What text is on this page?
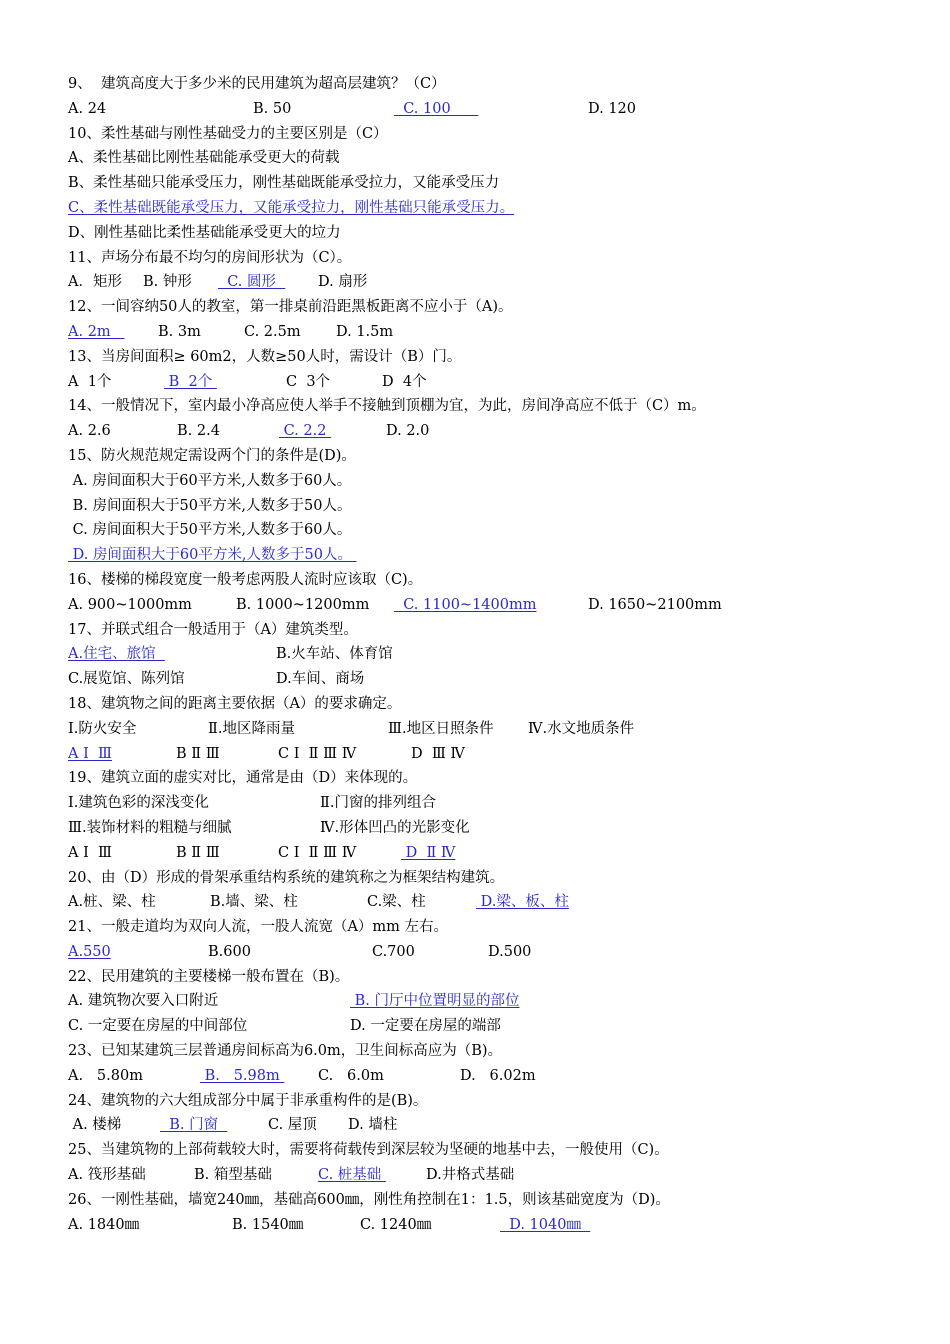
9、  建筑高度大于多少米的民用建筑为超高层建筑？（C）
A. 24	B. 50	C. 100	D. 120
10、柔性基础与刚性基础受力的主要区别是（C）
A、柔性基础比刚性基础能承受更大的荷载
B、柔性基础只能承受压力，刚性基础既能承受拉力，又能承受压力
C、柔性基础既能承受压力，又能承受拉力，刚性基础只能承受压力。
D、刚性基础比柔性基础能承受更大的垃力
11、声场分布最不均匀的房间形状为（C）。
A．矩形 B. 钟形 C. 圆形 D. 扇形
12、一间容纳50人的教室，第一排桌前沿距黑板距离不应小于（A)。
A. 2m B. 3m	C. 2.5m D. 1.5m
13、当房间面积≥ 60m2，人数≥50人时，需设计（B）门。
A  1个	B  2个	C  3个	D  4个
14、一般情况下，室内最小净高应使人举手不接触到顶棚为宜，为此，房间净高应不低于（C）m。
A. 2.6	B. 2.4	C. 2.2	D. 2.0
15、防火规范规定需设两个门的条件是(D)。
A. 房间面积大于60平方米,人数多于60人。
B. 房间面积大于50平方米,人数多于50人。
C. 房间面积大于50平方米,人数多于60人。
D. 房间面积大于60平方米,人数多于50人。
16、楼梯的梯段宽度一般考虑两股人流时应该取（C)。
A. 900~1000mm	B. 1000~1200mm C. 1100~1400mm	D. 1650~2100mm
17、并联式组合一般适用于（A）建筑类型。
A.住宅、旅馆	B.火车站、体育馆
C.展览馆、陈列馆	D.车间、商场
18、建筑物之间的距离主要依据（A）的要求确定。
Ⅰ.防火安全	Ⅱ.地区降雨量	Ⅲ.地区日照条件 Ⅳ.水文地质条件
A Ⅰ  Ⅲ	B Ⅱ Ⅲ	C Ⅰ  Ⅱ Ⅲ Ⅳ	D  Ⅲ Ⅳ
19、建筑立面的虚实对比，通常是由（D）来体现的。
Ⅰ.建筑色彩的深浅变化	Ⅱ.门窗的排列组合
Ⅲ.装饰材料的粗糙与细腻	Ⅳ.形体凹凸的光影变化
A Ⅰ  Ⅲ	B Ⅱ Ⅲ	C Ⅰ  Ⅱ Ⅲ Ⅳ	D  Ⅱ Ⅳ
20、由（D）形成的骨架承重结构系统的建筑称之为框架结构建筑。
A.桩、梁、柱	B.墙、梁、柱	C.梁、柱	D.梁、板、柱
21、一般走道均为双向人流，一股人流宽（A）mm 左右。
A.550	B.600	C.700	D.500
22、民用建筑的主要楼梯一般布置在（B)。
A. 建筑物次要入口附近	B. 门厅中位置明显的部位
C. 一定要在房屋的中间部位	D. 一定要在房屋的端部
23、已知某建筑三层普通房间标高为6.0m，卫生间标高应为（B)。
A.   5.80m	B.   5.98m C.   6.0m	D.   6.02m
24、建筑物的六大组成部分中属于非承重构件的是(B)。
A. 楼梯	B. 门窗	C. 屋顶 D. 墙柱
25、当建筑物的上部荷载较大时，需要将荷载传到深层较为坚硬的地基中去，一般使用（C)。
A. 筏形基础	B. 箱型基础	C. 桩基础	D.井格式基础
26、一刚性基础，墙宽240㎜，基础高600㎜，刚性角控制在1：1.5，则该基础宽度为（D)。
A. 1840㎜	B. 1540㎜	C. 1240㎜	D. 1040㎜
